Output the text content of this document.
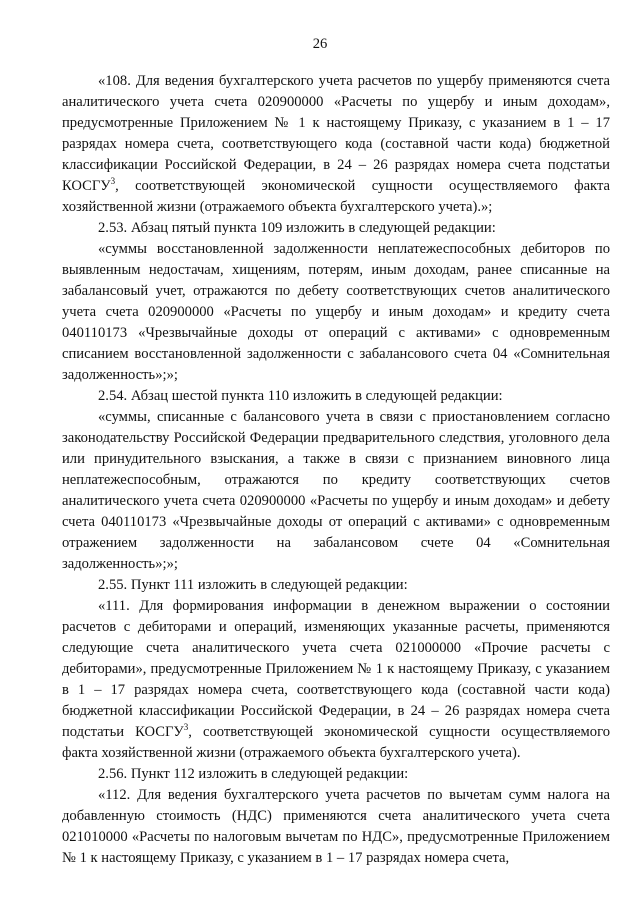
26

«108. Для ведения бухгалтерского учета расчетов по ущербу применяются счета аналитического учета счета 020900000 «Расчеты по ущербу и иным доходам», предусмотренные Приложением № 1 к настоящему Приказу, с указанием в 1 – 17 разрядах номера счета, соответствующего кода (составной части кода) бюджетной классификации Российской Федерации, в 24 – 26 разрядах номера счета подстатьи КОСГУ$^3$, соответствующей экономической сущности осуществляемого факта хозяйственной жизни (отражаемого объекта бухгалтерского учета).»;

2.53. Абзац пятый пункта 109 изложить в следующей редакции:

«суммы восстановленной задолженности неплатежеспособных дебиторов по выявленным недостачам, хищениям, потерям, иным доходам, ранее списанные на забалансовый учет, отражаются по дебету соответствующих счетов аналитического учета счета 020900000 «Расчеты по ущербу и иным доходам» и кредиту счета 040110173 «Чрезвычайные доходы от операций с активами» с одновременным списанием восстановленной задолженности с забалансового счета 04 «Сомнительная задолженность»;»;

2.54. Абзац шестой пункта 110 изложить в следующей редакции:

«суммы, списанные с балансового учета в связи с приостановлением согласно законодательству Российской Федерации предварительного следствия, уголовного дела или принудительного взыскания, а также в связи с признанием виновного лица неплатежеспособным, отражаются по кредиту соответствующих счетов аналитического учета счета 020900000 «Расчеты по ущербу и иным доходам» и дебету счета 040110173 «Чрезвычайные доходы от операций с активами» с одновременным отражением задолженности на забалансовом счете 04 «Сомнительная задолженность»;»;

2.55. Пункт 111 изложить в следующей редакции:

«111. Для формирования информации в денежном выражении о состоянии расчетов с дебиторами и операций, изменяющих указанные расчеты, применяются следующие счета аналитического учета счета 021000000 «Прочие расчеты с дебиторами», предусмотренные Приложением № 1 к настоящему Приказу, с указанием в 1 – 17 разрядах номера счета, соответствующего кода (составной части кода) бюджетной классификации Российской Федерации, в 24 – 26 разрядах номера счета подстатьи КОСГУ$^3$, соответствующей экономической сущности осуществляемого факта хозяйственной жизни (отражаемого объекта бухгалтерского учета).

2.56. Пункт 112 изложить в следующей редакции:

«112. Для ведения бухгалтерского учета расчетов по вычетам сумм налога на добавленную стоимость (НДС) применяются счета аналитического учета счета 021010000 «Расчеты по налоговым вычетам по НДС», предусмотренные Приложением № 1 к настоящему Приказу, с указанием в 1 – 17 разрядах номера счета,
